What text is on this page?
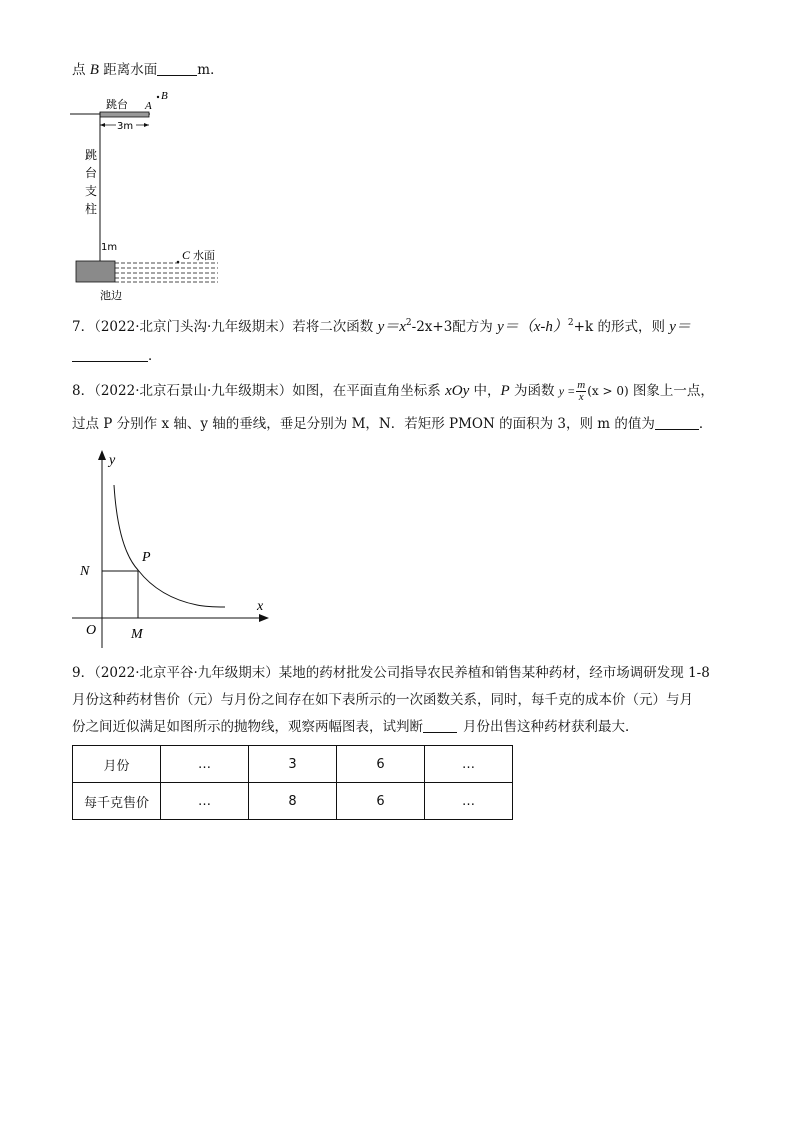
点 B 距离水面	m．
3m
跳台 A
B
跳
台
支
柱
1m
C 水面
池边
7．（2022·北京门头沟·九年级期末）若将二次函数 $y=x^2-2x+3$配方为 $y=(x-h)^2+k$ 的形式，则 y＝
．
8．（2022·北京石景山·九年级期末）如图，在平面直角坐标系 xOy 中，P 为函数 $y = \frac{m}{x} (x > 0)$ 图象上一点，
过点 P 分别作 x 轴、y 轴的垂线，垂足分别为 M，N．若矩形 PMON 的面积为 3，则 m 的值为	．
y
x
O
N
M
P
9．（2022·北京平谷·九年级期末）某地的药材批发公司指导农民养植和销售某种药材，经市场调研发现 1-8
月份这种药材售价（元）与月份之间存在如下表所示的一次函数关系，同时，每千克的成本价（元）与月
份之间近似满足如图所示的抛物线，观察两幅图表，试判断	月份出售这种药材获利最大．
月份	…	3	6	…
每千克售价	…	8	6	…
